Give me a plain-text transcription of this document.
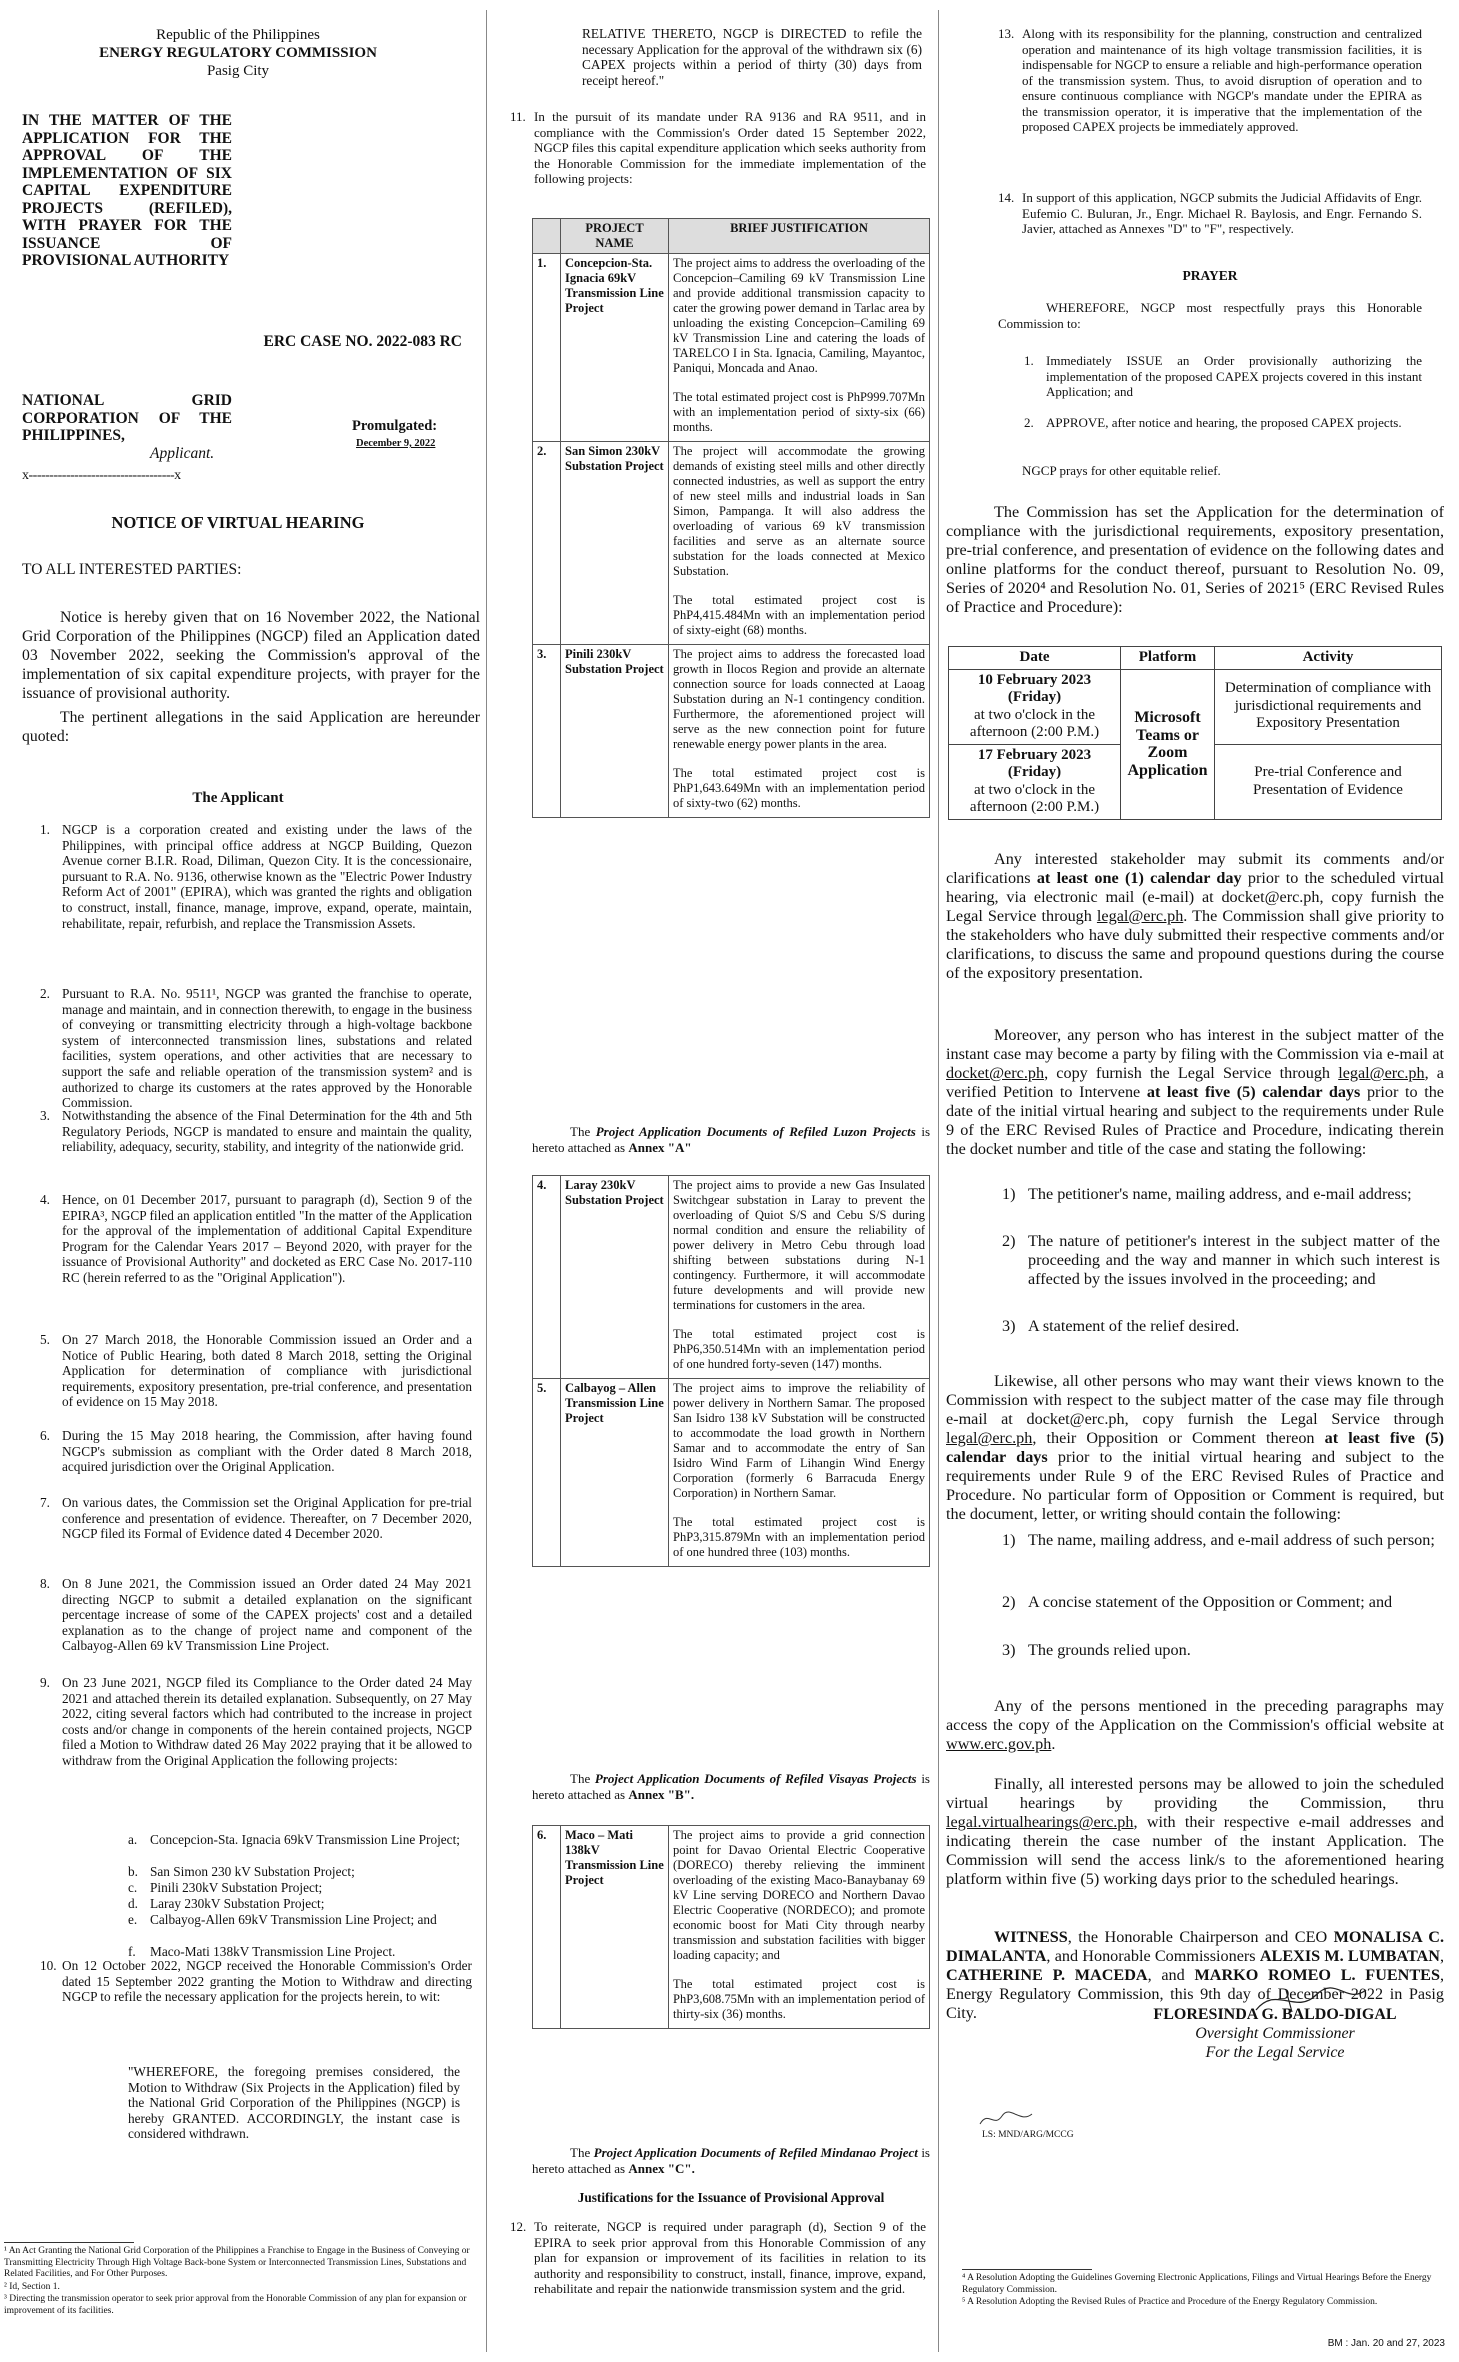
Republic of the Philippines
ENERGY REGULATORY COMMISSION
Pasig City
IN THE MATTER OF THE APPLICATION FOR THE APPROVAL OF THE IMPLEMENTATION OF SIX CAPITAL EXPENDITURE PROJECTS (REFILED), WITH PRAYER FOR THE ISSUANCE OF PROVISIONAL AUTHORITY
ERC CASE NO. 2022-083 RC
NATIONAL GRID CORPORATION OF THE PHILIPPINES,
Applicant.
Promulgated:
December 9, 2022
x-----------------------------------x
NOTICE OF VIRTUAL HEARING
TO ALL INTERESTED PARTIES:
Notice is hereby given that on 16 November 2022, the National Grid Corporation of the Philippines (NGCP) filed an Application dated 03 November 2022, seeking the Commission's approval of the implementation of six capital expenditure projects, with prayer for the issuance of provisional authority.
The pertinent allegations in the said Application are hereunder quoted:
The Applicant
1. NGCP is a corporation created and existing under the laws of the Philippines, with principal office address at NGCP Building, Quezon Avenue corner B.I.R. Road, Diliman, Quezon City. It is the concessionaire, pursuant to R.A. No. 9136, otherwise known as the "Electric Power Industry Reform Act of 2001" (EPIRA), which was granted the rights and obligation to construct, install, finance, manage, improve, expand, operate, maintain, rehabilitate, repair, refurbish, and replace the Transmission Assets.
2. Pursuant to R.A. No. 9511¹, NGCP was granted the franchise to operate, manage and maintain, and in connection therewith, to engage in the business of conveying or transmitting electricity through a high-voltage backbone system of interconnected transmission lines, substations and related facilities, system operations, and other activities that are necessary to support the safe and reliable operation of the transmission system² and is authorized to charge its customers at the rates approved by the Honorable Commission.
3. Notwithstanding the absence of the Final Determination for the 4th and 5th Regulatory Periods, NGCP is mandated to ensure and maintain the quality, reliability, adequacy, security, stability, and integrity of the nationwide grid.
4. Hence, on 01 December 2017, pursuant to paragraph (d), Section 9 of the EPIRA³, NGCP filed an application entitled "In the matter of the Application for the approval of the implementation of additional Capital Expenditure Program for the Calendar Years 2017 – Beyond 2020, with prayer for the issuance of Provisional Authority" and docketed as ERC Case No. 2017-110 RC (herein referred to as the "Original Application").
5. On 27 March 2018, the Honorable Commission issued an Order and a Notice of Public Hearing, both dated 8 March 2018, setting the Original Application for determination of compliance with jurisdictional requirements, expository presentation, pre-trial conference, and presentation of evidence on 15 May 2018.
6. During the 15 May 2018 hearing, the Commission, after having found NGCP's submission as compliant with the Order dated 8 March 2018, acquired jurisdiction over the Original Application.
7. On various dates, the Commission set the Original Application for pre-trial conference and presentation of evidence. Thereafter, on 7 December 2020, NGCP filed its Formal of Evidence dated 4 December 2020.
8. On 8 June 2021, the Commission issued an Order dated 24 May 2021 directing NGCP to submit a detailed explanation on the significant percentage increase of some of the CAPEX projects' cost and a detailed explanation as to the change of project name and component of the Calbayog-Allen 69 kV Transmission Line Project.
9. On 23 June 2021, NGCP filed its Compliance to the Order dated 24 May 2021 and attached therein its detailed explanation. Subsequently, on 27 May 2022, citing several factors which had contributed to the increase in project costs and/or change in components of the herein contained projects, NGCP filed a Motion to Withdraw dated 26 May 2022 praying that it be allowed to withdraw from the Original Application the following projects:
10. On 12 October 2022, NGCP received the Honorable Commission's Order dated 15 September 2022 granting the Motion to Withdraw and directing NGCP to refile the necessary application for the projects herein, to wit:
a. Concepcion-Sta. Ignacia 69kV Transmission Line Project;
b. San Simon 230 kV Substation Project;
c. Pinili 230kV Substation Project;
d. Laray 230kV Substation Project;
e. Calbayog-Allen 69kV Transmission Line Project; and
f. Maco-Mati 138kV Transmission Line Project.
"WHEREFORE, the foregoing premises considered, the Motion to Withdraw (Six Projects in the Application) filed by the National Grid Corporation of the Philippines (NGCP) is hereby GRANTED. ACCORDINGLY, the instant case is considered withdrawn.
¹ An Act Granting the National Grid Corporation of the Philippines a Franchise to Engage in the Business of Conveying or Transmitting Electricity Through High Voltage Back-bone System or Interconnected Transmission Lines, Substations and Related Facilities, and For Other Purposes.
² Id, Section 1.
³ Directing the transmission operator to seek prior approval from the Honorable Commission of any plan for expansion or improvement of its facilities.
RELATIVE THERETO, NGCP is DIRECTED to refile the necessary Application for the approval of the withdrawn six (6) CAPEX projects within a period of thirty (30) days from receipt hereof."
11. In the pursuit of its mandate under RA 9136 and RA 9511, and in compliance with the Commission's Order dated 15 September 2022, NGCP files this capital expenditure application which seeks authority from the Honorable Commission for the immediate implementation of the following projects:
	PROJECT NAME	BRIEF JUSTIFICATION
1.	Concepcion-Sta. Ignacia 69kV Transmission Line Project	The project aims to address the overloading of the Concepcion–Camiling 69 kV Transmission Line and provide additional transmission capacity to cater the growing power demand in Tarlac area by unloading the existing Concepcion–Camiling 69 kV Transmission Line and catering the loads of TARELCO I in Sta. Ignacia, Camiling, Mayantoc, Paniqui, Moncada and Anao.
The total estimated project cost is PhP999.707Mn with an implementation period of sixty-six (66) months.

2.	San Simon 230kV Substation Project	The project will accommodate the growing demands of existing steel mills and other directly connected industries, as well as support the entry of new steel mills and industrial loads in San Simon, Pampanga. It will also address the overloading of various 69 kV transmission facilities and serve as an alternate source substation for the loads connected at Mexico Substation.
The total estimated project cost is PhP4,415.484Mn with an implementation period of sixty-eight (68) months.

3.	Pinili 230kV Substation Project	The project aims to address the forecasted load growth in Ilocos Region and provide an alternate connection source for loads connected at Laoag Substation during an N-1 contingency condition. Furthermore, the aforementioned project will serve as the new connection point for future renewable energy power plants in the area.
The total estimated project cost is PhP1,643.649Mn with an implementation period of sixty-two (62) months.
The Project Application Documents of Refiled Luzon Projects is hereto attached as Annex "A"
4.	Laray 230kV Substation Project	The project aims to provide a new Gas Insulated Switchgear substation in Laray to prevent the overloading of Quiot S/S and Cebu S/S during normal condition and ensure the reliability of power delivery in Metro Cebu through load shifting between substations during N-1 contingency. Furthermore, it will accommodate future developments and will provide new terminations for customers in the area.
The total estimated project cost is PhP6,350.514Mn with an implementation period of one hundred forty-seven (147) months.

5.	Calbayog – Allen Transmission Line Project	The project aims to improve the reliability of power delivery in Northern Samar. The proposed San Isidro 138 kV Substation will be constructed to accommodate the load growth in Northern Samar and to accommodate the entry of San Isidro Wind Farm of Lihangin Wind Energy Corporation (formerly 6 Barracuda Energy Corporation) in Northern Samar.
The total estimated project cost is PhP3,315.879Mn with an implementation period of one hundred three (103) months.
The Project Application Documents of Refiled Visayas Projects is hereto attached as Annex "B".
6.	Maco – Mati 138kV Transmission Line Project	
The project aims to provide a grid connection point for Davao Oriental Electric Cooperative (DORECO) thereby relieving the imminent overloading of the existing Maco-Banaybanay 69 kV Line serving DORECO and Northern Davao Electric Cooperative (NORDECO); and promote economic boost for Mati City through nearby transmission and substation facilities with bigger loading capacity; and
The total estimated project cost is PhP3,608.75Mn with an implementation period of thirty-six (36) months.
The Project Application Documents of Refiled Mindanao Project is hereto attached as Annex "C".
Justifications for the Issuance of Provisional Approval
12. To reiterate, NGCP is required under paragraph (d), Section 9 of the EPIRA to seek prior approval from this Honorable Commission of any plan for expansion or improvement of its facilities in relation to its authority and responsibility to construct, install, finance, improve, expand, rehabilitate and repair the nationwide transmission system and the grid.
13. Along with its responsibility for the planning, construction and centralized operation and maintenance of its high voltage transmission facilities, it is indispensable for NGCP to ensure a reliable and high-performance operation of the transmission system. Thus, to avoid disruption of operation and to ensure continuous compliance with NGCP's mandate under the EPIRA as the transmission operator, it is imperative that the implementation of the proposed CAPEX projects be immediately approved.
14. In support of this application, NGCP submits the Judicial Affidavits of Engr. Eufemio C. Buluran, Jr., Engr. Michael R. Baylosis, and Engr. Fernando S. Javier, attached as Annexes "D" to "F", respectively.
PRAYER
WHEREFORE, NGCP most respectfully prays this Honorable Commission to:
1. Immediately ISSUE an Order provisionally authorizing the implementation of the proposed CAPEX projects covered in this instant Application; and
2. APPROVE, after notice and hearing, the proposed CAPEX projects.
NGCP prays for other equitable relief.
The Commission has set the Application for the determination of compliance with the jurisdictional requirements, expository presentation, pre-trial conference, and presentation of evidence on the following dates and online platforms for the conduct thereof, pursuant to Resolution No. 09, Series of 2020⁴ and Resolution No. 01, Series of 2021⁵ (ERC Revised Rules of Practice and Procedure):
Date	Platform	Activity

10 February 2023
(Friday)
at two o'clock in the afternoon (2:00 P.M.)	Microsoft Teams or Zoom Application	Determination of compliance with jurisdictional requirements and Expository Presentation

17 February 2023
(Friday)
at two o'clock in the afternoon (2:00 P.M.)		Pre-trial Conference and Presentation of Evidence
Any interested stakeholder may submit its comments and/or clarifications at least one (1) calendar day prior to the scheduled virtual hearing, via electronic mail (e-mail) at docket@erc.ph, copy furnish the Legal Service through legal@erc.ph. The Commission shall give priority to the stakeholders who have duly submitted their respective comments and/or clarifications, to discuss the same and propound questions during the course of the expository presentation.
Moreover, any person who has interest in the subject matter of the instant case may become a party by filing with the Commission via e-mail at docket@erc.ph, copy furnish the Legal Service through legal@erc.ph, a verified Petition to Intervene at least five (5) calendar days prior to the date of the initial virtual hearing and subject to the requirements under Rule 9 of the ERC Revised Rules of Practice and Procedure, indicating therein the docket number and title of the case and stating the following:
1) The petitioner's name, mailing address, and e-mail address;
2) The nature of petitioner's interest in the subject matter of the proceeding and the way and manner in which such interest is affected by the issues involved in the proceeding; and
3) A statement of the relief desired.
Likewise, all other persons who may want their views known to the Commission with respect to the subject matter of the case may file through e-mail at docket@erc.ph, copy furnish the Legal Service through legal@erc.ph, their Opposition or Comment thereon at least five (5) calendar days prior to the initial virtual hearing and subject to the requirements under Rule 9 of the ERC Revised Rules of Practice and Procedure. No particular form of Opposition or Comment is required, but the document, letter, or writing should contain the following:
1) The name, mailing address, and e-mail address of such person;
2) A concise statement of the Opposition or Comment; and
3) The grounds relied upon.
Any of the persons mentioned in the preceding paragraphs may access the copy of the Application on the Commission's official website at www.erc.gov.ph.
Finally, all interested persons may be allowed to join the scheduled virtual hearings by providing the Commission, thru legal.virtualhearings@erc.ph, with their respective e-mail addresses and indicating therein the case number of the instant Application. The Commission will send the access link/s to the aforementioned hearing platform within five (5) working days prior to the scheduled hearings.
WITNESS, the Honorable Chairperson and CEO MONALISA C. DIMALANTA, and Honorable Commissioners ALEXIS M. LUMBATAN, CATHERINE P. MACEDA, and MARKO ROMEO L. FUENTES, Energy Regulatory Commission, this 9th day of December 2022 in Pasig City.	FLORESINDA G. BALDO-DIGAL
Oversight Commissioner
For the Legal Service
LS: MND/ARG/MCCG
⁴ A Resolution Adopting the Guidelines Governing Electronic Applications, Filings and Virtual Hearings Before the Energy Regulatory Commission.
⁵ A Resolution Adopting the Revised Rules of Practice and Procedure of the Energy Regulatory Commission.
BM : Jan. 20 and 27, 2023
